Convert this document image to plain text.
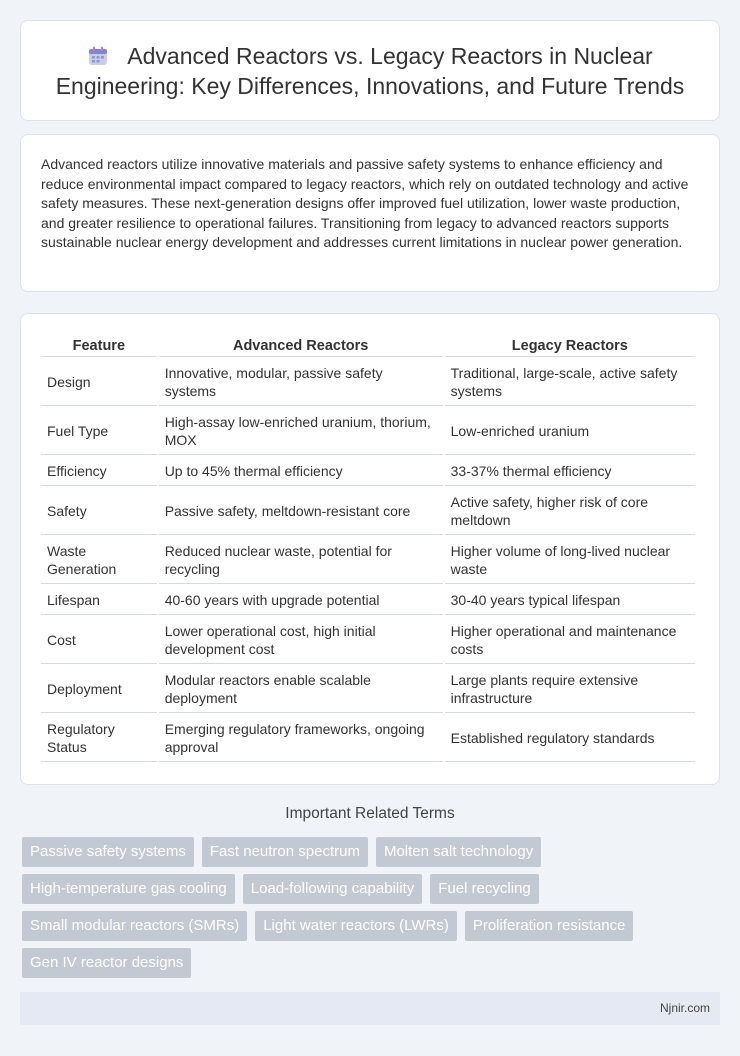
Advanced Reactors vs. Legacy Reactors in Nuclear Engineering: Key Differences, Innovations, and Future Trends

Advanced reactors utilize innovative materials and passive safety systems to enhance efficiency and reduce environmental impact compared to legacy reactors, which rely on outdated technology and active safety measures. These next-generation designs offer improved fuel utilization, lower waste production, and greater resilience to operational failures. Transitioning from legacy to advanced reactors supports sustainable nuclear energy development and addresses current limitations in nuclear power generation.

Feature	Advanced Reactors	Legacy Reactors
Design	Innovative, modular, passive safety systems	Traditional, large-scale, active safety systems
Fuel Type	High-assay low-enriched uranium, thorium, MOX	Low-enriched uranium
Efficiency	Up to 45% thermal efficiency	33-37% thermal efficiency
Safety	Passive safety, meltdown-resistant core	Active safety, higher risk of core meltdown
Waste Generation	Reduced nuclear waste, potential for recycling	Higher volume of long-lived nuclear waste
Lifespan	40-60 years with upgrade potential	30-40 years typical lifespan
Cost	Lower operational cost, high initial development cost	Higher operational and maintenance costs
Deployment	Modular reactors enable scalable deployment	Large plants require extensive infrastructure
Regulatory Status	Emerging regulatory frameworks, ongoing approval	Established regulatory standards
Important Related Terms
Passive safety systems	Fast neutron spectrum	Molten salt technology
High-temperature gas cooling	Load-following capability	Fuel recycling
Small modular reactors (SMRs)	Light water reactors (LWRs)	Proliferation resistance
Gen IV reactor designs
Njnir.com
